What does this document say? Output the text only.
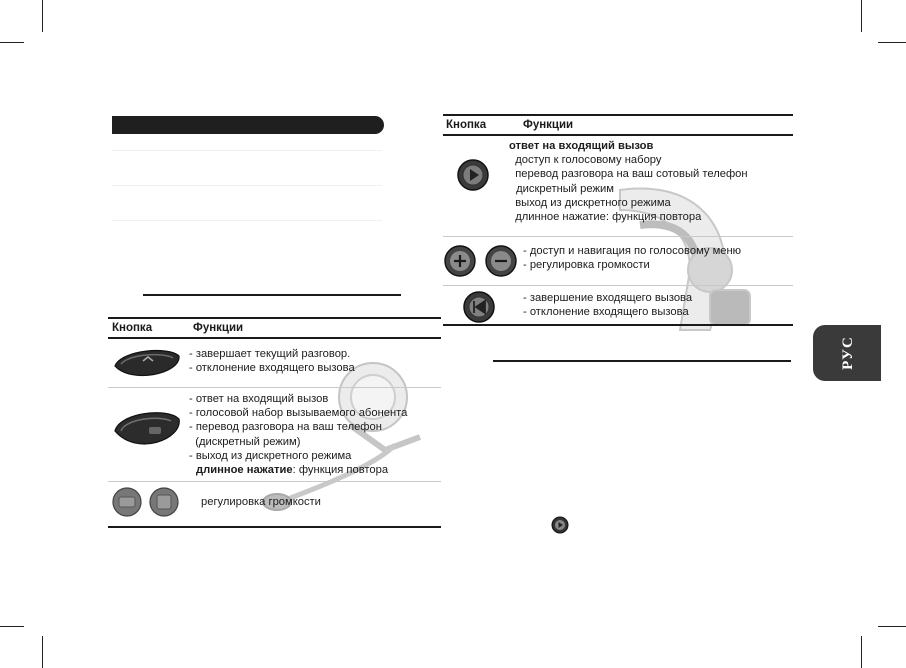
Кнопка	Функции
- завершает текущий разговор.
- отклонение входящего вызова
- ответ на входящий вызов
- голосовой набор вызываемого абонента
- перевод разговора на ваш телефон
(дискретный режим)
- выход из дискретного режима
длинное нажатие: функция повтора
регулировка громкости
Кнопка	Функции
ответ на входящий вызов
доступ к голосовому набору
перевод разговора на ваш сотовый телефон
дискретный режим
выход из дискретного режима
длинное нажатие: функция повтора
- доступ и навигация по голосовому меню
- регулировка громкости
- завершение входящего вызова
- отклонение входящего вызова
РУС
